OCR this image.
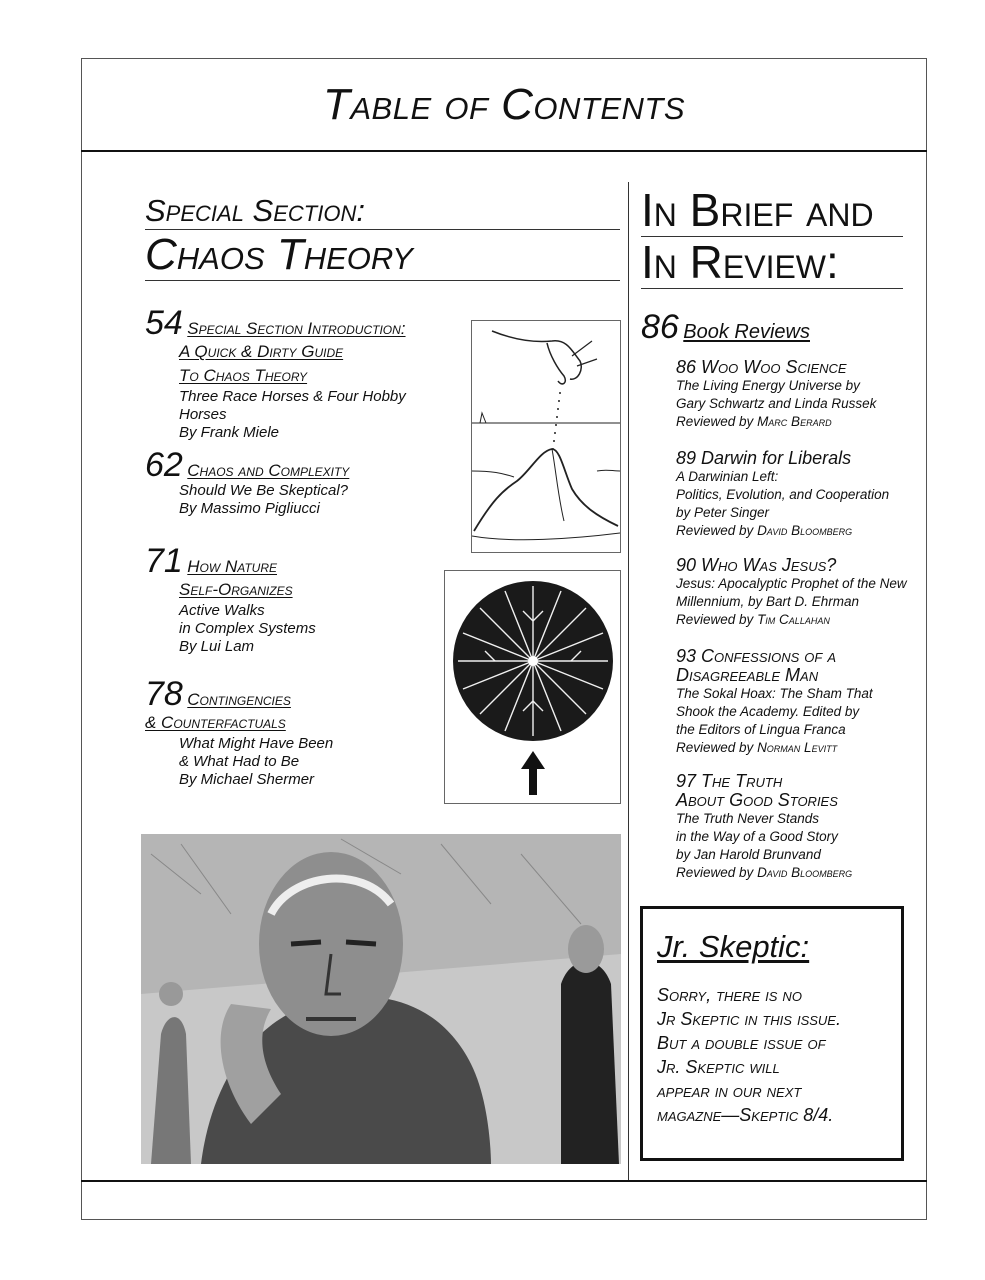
Table of Contents
Special Section:
Chaos Theory
54 Special Section Introduction:
A Quick & Dirty Guide
To Chaos Theory
Three Race Horses & Four Hobby Horses
By Frank Miele
62 Chaos and Complexity
Should We Be Skeptical?
By Massimo Pigliucci
71 How Nature
Self-Organizes
Active Walks
in Complex Systems
By Lui Lam
78 Contingencies
& Counterfactuals
What Might Have Been
& What Had to Be
By Michael Shermer
In Brief and
In Review:
86 Book Reviews
86 Woo Woo Science
The Living Energy Universe by
Gary Schwartz and Linda Russek
Reviewed by Marc Berard
89 Darwin for Liberals
A Darwinian Left:
Politics, Evolution, and Cooperation
by Peter Singer
Reviewed by David Bloomberg
90 Who Was Jesus?
Jesus: Apocalyptic Prophet of the New
Millennium, by Bart D. Ehrman
Reviewed by Tim Callahan
93 Confessions of a
Disagreeable Man
The Sokal Hoax: The Sham That
Shook the Academy. Edited by
the Editors of Lingua Franca
Reviewed by Norman Levitt
97 The Truth
About Good Stories
The Truth Never Stands
in the Way of a Good Story
by Jan Harold Brunvand
Reviewed by David Bloomberg
Jr. Skeptic:
Sorry, there is no
Jr Skeptic in this issue.
But a double issue of
Jr. Skeptic will
appear in our next
magazne—Skeptic 8/4.
